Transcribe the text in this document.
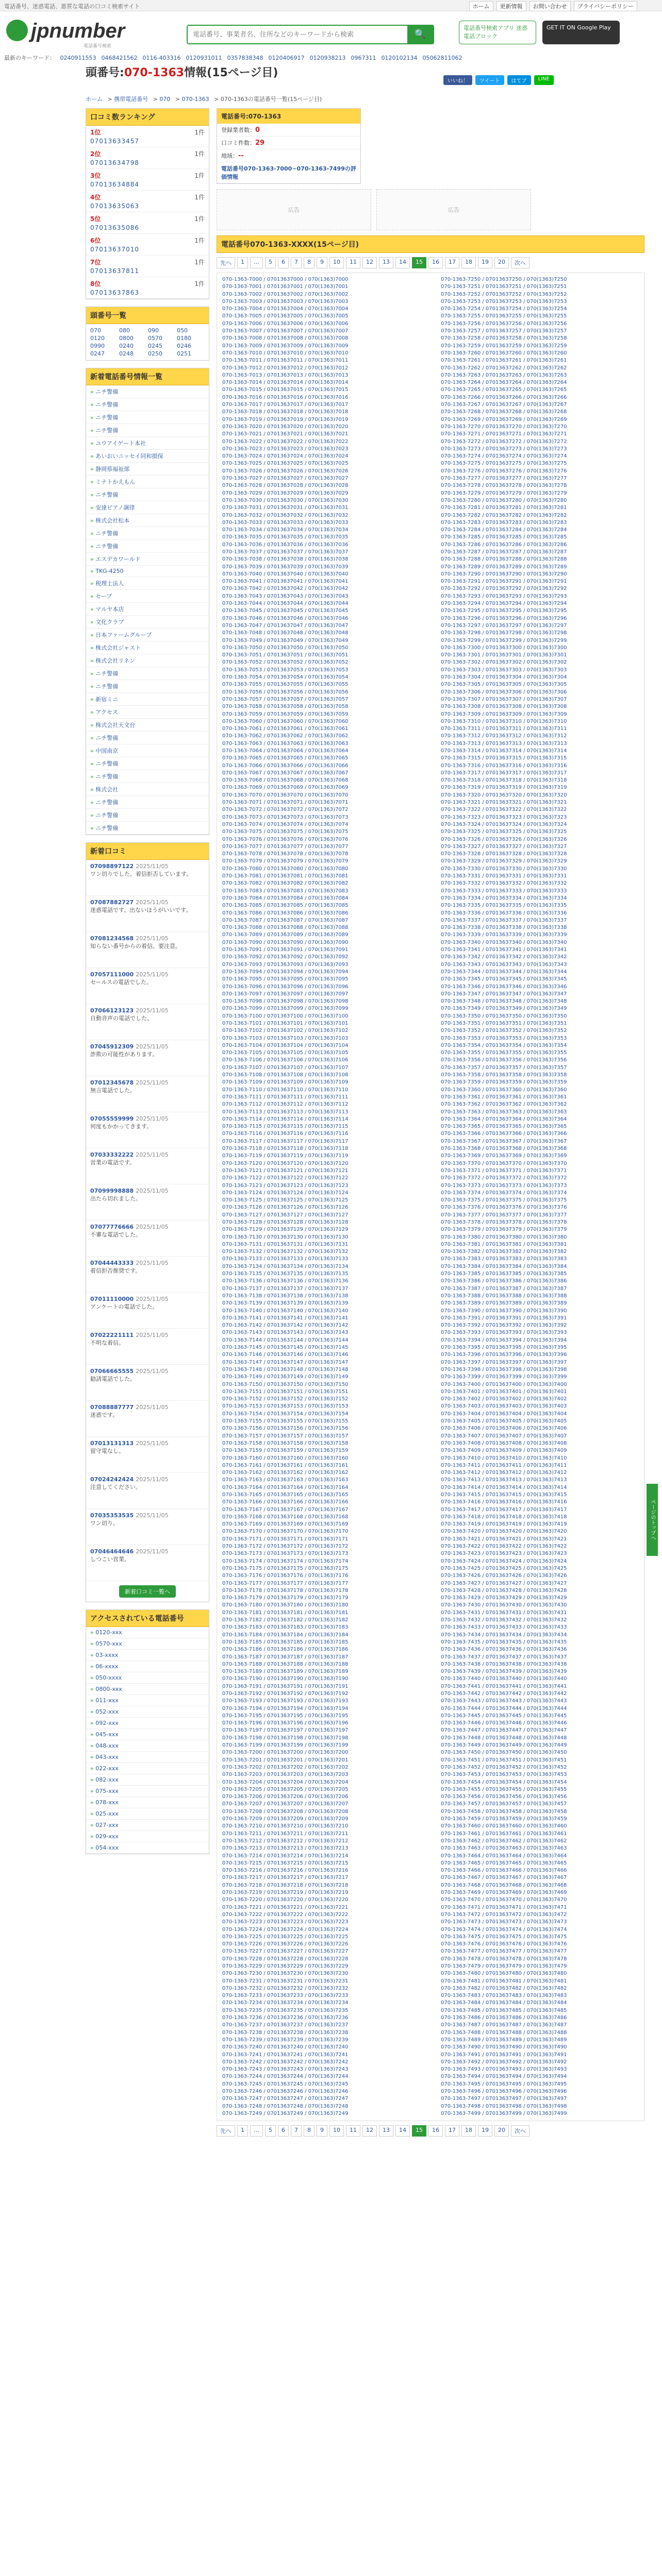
電話番号、迷惑電話、悪質な電話の口コミ検索サイト	ホーム	更新情報	お問い合わせ	プライバシーポリシー
jpnumber
電話番号検索
電話番号、事業者名、住所などのキーワードから検索
🔍
電話番号検索アプリ 迷惑電話ブロック
GET IT ON Google Play
最新のキーワード： 0240911553 0468421562 0116-403316 0120931011 0357838348 0120406917 0120938213 0967311 0120102134 05062811062
頭番号:070-1363情報(15ページ目)
いいね！	ツイート	はてブ	LINE
ホーム > 携帯電話番号 > 070 > 070-1363 > 070-1363の電話番号一覧(15ページ目)
口コミ数ランキング
1位	1件
07013633457
2位	1件
07013634798
3位	1件
07013634884
4位	1件
07013635063
5位	1件
07013635086
6位	1件
07013637010
7位	1件
07013637811
8位	1件
07013637863
頭番号一覧
070	080	090	050
0120	0800	0570	0180
0990	0240	0245	0246
0247	0248	0250	0251
新着電話番号情報一覧
» ニチ警備
» ニチ警備
» ニチ警備
» ニチ警備
» ユウアイゲート本社
» あいおいニッセイ同和損保
» 静岡県福祉部
» ミナトかえもん
» ニチ警備
» 安達ピアノ調律
» 株式会社松本
» ニチ警備
» ニチ警備
» エスデカワールド
» TKG-4250
» 税理士法人
» セーブ
» マルヤ本店
» 文化クラブ
» 日本ファームグループ
» 株式会社ジャスト
» 株式会社リネン
» ニチ警備
» ニチ警備
» 新宿ミニ
» アクセス
» 株式会社天文台
» ニチ警備
» 中国南京
» ニチ警備
» ニチ警備
» 株式会社
» ニチ警備
» ニチ警備
» ニチ警備
新着口コミ
07098897122 2025/11/05
ワン切りでした。着信拒否しています。
07087882727 2025/11/05
迷惑電話です。出ないほうがいいです。
07081234568 2025/11/05
知らない番号からの着信。要注意。
07057111000 2025/11/05
セールスの電話でした。
07066123123 2025/11/05
自動音声の電話でした。
07045912309 2025/11/05
詐欺の可能性があります。
07012345678 2025/11/05
無言電話でした。
07055559999 2025/11/05
何度もかかってきます。
07033332222 2025/11/05
営業の電話です。
07099998888 2025/11/05
出たら切れました。
07077776666 2025/11/05
不審な電話でした。
07044443333 2025/11/05
着信拒否推奨です。
07011110000 2025/11/05
アンケートの電話でした。
07022221111 2025/11/05
不明な着信。
07066665555 2025/11/05
勧誘電話でした。
07088887777 2025/11/05
迷惑です。
07013131313 2025/11/05
留守電なし。
07024242424 2025/11/05
注意してください。
07035353535 2025/11/05
ワン切り。
07046464646 2025/11/05
しつこい営業。
新着口コミ一覧へ
アクセスされている電話番号
» 0120-xxx
» 0570-xxx
» 03-xxxx
» 06-xxxx
» 050-xxxx
» 0800-xxx
» 011-xxx
» 052-xxx
» 092-xxx
» 045-xxx
» 048-xxx
» 043-xxx
» 022-xxx
» 082-xxx
» 075-xxx
» 078-xxx
» 025-xxx
» 027-xxx
» 029-xxx
» 054-xxx
電話番号:070-1363
登録業者数：0
口コミ件数：29
地域：--
電話番号070-1363-7000~070-1363-7499の評価情報
広告	広告
電話番号070-1363-XXXX(15ページ目)
先へ	1	…	5	6	7	8	9	10	11	12	13	14	15	16	17	18	19	20	次へ
070-1363-7000 / 07013637000 / 070(1363)7000	070-1363-7250 / 07013637250 / 070(1363)7250
070-1363-7001 / 07013637001 / 070(1363)7001	070-1363-7251 / 07013637251 / 070(1363)7251
070-1363-7002 / 07013637002 / 070(1363)7002	070-1363-7252 / 07013637252 / 070(1363)7252
070-1363-7003 / 07013637003 / 070(1363)7003	070-1363-7253 / 07013637253 / 070(1363)7253
070-1363-7004 / 07013637004 / 070(1363)7004	070-1363-7254 / 07013637254 / 070(1363)7254
070-1363-7005 / 07013637005 / 070(1363)7005	070-1363-7255 / 07013637255 / 070(1363)7255
070-1363-7006 / 07013637006 / 070(1363)7006	070-1363-7256 / 07013637256 / 070(1363)7256
070-1363-7007 / 07013637007 / 070(1363)7007	070-1363-7257 / 07013637257 / 070(1363)7257
070-1363-7008 / 07013637008 / 070(1363)7008	070-1363-7258 / 07013637258 / 070(1363)7258
070-1363-7009 / 07013637009 / 070(1363)7009	070-1363-7259 / 07013637259 / 070(1363)7259
070-1363-7010 / 07013637010 / 070(1363)7010	070-1363-7260 / 07013637260 / 070(1363)7260
070-1363-7011 / 07013637011 / 070(1363)7011	070-1363-7261 / 07013637261 / 070(1363)7261
070-1363-7012 / 07013637012 / 070(1363)7012	070-1363-7262 / 07013637262 / 070(1363)7262
070-1363-7013 / 07013637013 / 070(1363)7013	070-1363-7263 / 07013637263 / 070(1363)7263
070-1363-7014 / 07013637014 / 070(1363)7014	070-1363-7264 / 07013637264 / 070(1363)7264
070-1363-7015 / 07013637015 / 070(1363)7015	070-1363-7265 / 07013637265 / 070(1363)7265
070-1363-7016 / 07013637016 / 070(1363)7016	070-1363-7266 / 07013637266 / 070(1363)7266
070-1363-7017 / 07013637017 / 070(1363)7017	070-1363-7267 / 07013637267 / 070(1363)7267
070-1363-7018 / 07013637018 / 070(1363)7018	070-1363-7268 / 07013637268 / 070(1363)7268
070-1363-7019 / 07013637019 / 070(1363)7019	070-1363-7269 / 07013637269 / 070(1363)7269
070-1363-7020 / 07013637020 / 070(1363)7020	070-1363-7270 / 07013637270 / 070(1363)7270
070-1363-7021 / 07013637021 / 070(1363)7021	070-1363-7271 / 07013637271 / 070(1363)7271
070-1363-7022 / 07013637022 / 070(1363)7022	070-1363-7272 / 07013637272 / 070(1363)7272
070-1363-7023 / 07013637023 / 070(1363)7023	070-1363-7273 / 07013637273 / 070(1363)7273
070-1363-7024 / 07013637024 / 070(1363)7024	070-1363-7274 / 07013637274 / 070(1363)7274
070-1363-7025 / 07013637025 / 070(1363)7025	070-1363-7275 / 07013637275 / 070(1363)7275
070-1363-7026 / 07013637026 / 070(1363)7026	070-1363-7276 / 07013637276 / 070(1363)7276
070-1363-7027 / 07013637027 / 070(1363)7027	070-1363-7277 / 07013637277 / 070(1363)7277
070-1363-7028 / 07013637028 / 070(1363)7028	070-1363-7278 / 07013637278 / 070(1363)7278
070-1363-7029 / 07013637029 / 070(1363)7029	070-1363-7279 / 07013637279 / 070(1363)7279
070-1363-7030 / 07013637030 / 070(1363)7030	070-1363-7280 / 07013637280 / 070(1363)7280
070-1363-7031 / 07013637031 / 070(1363)7031	070-1363-7281 / 07013637281 / 070(1363)7281
070-1363-7032 / 07013637032 / 070(1363)7032	070-1363-7282 / 07013637282 / 070(1363)7282
070-1363-7033 / 07013637033 / 070(1363)7033	070-1363-7283 / 07013637283 / 070(1363)7283
070-1363-7034 / 07013637034 / 070(1363)7034	070-1363-7284 / 07013637284 / 070(1363)7284
070-1363-7035 / 07013637035 / 070(1363)7035	070-1363-7285 / 07013637285 / 070(1363)7285
070-1363-7036 / 07013637036 / 070(1363)7036	070-1363-7286 / 07013637286 / 070(1363)7286
070-1363-7037 / 07013637037 / 070(1363)7037	070-1363-7287 / 07013637287 / 070(1363)7287
070-1363-7038 / 07013637038 / 070(1363)7038	070-1363-7288 / 07013637288 / 070(1363)7288
070-1363-7039 / 07013637039 / 070(1363)7039	070-1363-7289 / 07013637289 / 070(1363)7289
070-1363-7040 / 07013637040 / 070(1363)7040	070-1363-7290 / 07013637290 / 070(1363)7290
070-1363-7041 / 07013637041 / 070(1363)7041	070-1363-7291 / 07013637291 / 070(1363)7291
070-1363-7042 / 07013637042 / 070(1363)7042	070-1363-7292 / 07013637292 / 070(1363)7292
070-1363-7043 / 07013637043 / 070(1363)7043	070-1363-7293 / 07013637293 / 070(1363)7293
070-1363-7044 / 07013637044 / 070(1363)7044	070-1363-7294 / 07013637294 / 070(1363)7294
070-1363-7045 / 07013637045 / 070(1363)7045	070-1363-7295 / 07013637295 / 070(1363)7295
070-1363-7046 / 07013637046 / 070(1363)7046	070-1363-7296 / 07013637296 / 070(1363)7296
070-1363-7047 / 07013637047 / 070(1363)7047	070-1363-7297 / 07013637297 / 070(1363)7297
070-1363-7048 / 07013637048 / 070(1363)7048	070-1363-7298 / 07013637298 / 070(1363)7298
070-1363-7049 / 07013637049 / 070(1363)7049	070-1363-7299 / 07013637299 / 070(1363)7299
070-1363-7050 / 07013637050 / 070(1363)7050	070-1363-7300 / 07013637300 / 070(1363)7300
070-1363-7051 / 07013637051 / 070(1363)7051	070-1363-7301 / 07013637301 / 070(1363)7301
070-1363-7052 / 07013637052 / 070(1363)7052	070-1363-7302 / 07013637302 / 070(1363)7302
070-1363-7053 / 07013637053 / 070(1363)7053	070-1363-7303 / 07013637303 / 070(1363)7303
070-1363-7054 / 07013637054 / 070(1363)7054	070-1363-7304 / 07013637304 / 070(1363)7304
070-1363-7055 / 07013637055 / 070(1363)7055	070-1363-7305 / 07013637305 / 070(1363)7305
070-1363-7056 / 07013637056 / 070(1363)7056	070-1363-7306 / 07013637306 / 070(1363)7306
070-1363-7057 / 07013637057 / 070(1363)7057	070-1363-7307 / 07013637307 / 070(1363)7307
070-1363-7058 / 07013637058 / 070(1363)7058	070-1363-7308 / 07013637308 / 070(1363)7308
070-1363-7059 / 07013637059 / 070(1363)7059	070-1363-7309 / 07013637309 / 070(1363)7309
070-1363-7060 / 07013637060 / 070(1363)7060	070-1363-7310 / 07013637310 / 070(1363)7310
070-1363-7061 / 07013637061 / 070(1363)7061	070-1363-7311 / 07013637311 / 070(1363)7311
070-1363-7062 / 07013637062 / 070(1363)7062	070-1363-7312 / 07013637312 / 070(1363)7312
070-1363-7063 / 07013637063 / 070(1363)7063	070-1363-7313 / 07013637313 / 070(1363)7313
070-1363-7064 / 07013637064 / 070(1363)7064	070-1363-7314 / 07013637314 / 070(1363)7314
070-1363-7065 / 07013637065 / 070(1363)7065	070-1363-7315 / 07013637315 / 070(1363)7315
070-1363-7066 / 07013637066 / 070(1363)7066	070-1363-7316 / 07013637316 / 070(1363)7316
070-1363-7067 / 07013637067 / 070(1363)7067	070-1363-7317 / 07013637317 / 070(1363)7317
070-1363-7068 / 07013637068 / 070(1363)7068	070-1363-7318 / 07013637318 / 070(1363)7318
070-1363-7069 / 07013637069 / 070(1363)7069	070-1363-7319 / 07013637319 / 070(1363)7319
070-1363-7070 / 07013637070 / 070(1363)7070	070-1363-7320 / 07013637320 / 070(1363)7320
070-1363-7071 / 07013637071 / 070(1363)7071	070-1363-7321 / 07013637321 / 070(1363)7321
070-1363-7072 / 07013637072 / 070(1363)7072	070-1363-7322 / 07013637322 / 070(1363)7322
070-1363-7073 / 07013637073 / 070(1363)7073	070-1363-7323 / 07013637323 / 070(1363)7323
070-1363-7074 / 07013637074 / 070(1363)7074	070-1363-7324 / 07013637324 / 070(1363)7324
070-1363-7075 / 07013637075 / 070(1363)7075	070-1363-7325 / 07013637325 / 070(1363)7325
070-1363-7076 / 07013637076 / 070(1363)7076	070-1363-7326 / 07013637326 / 070(1363)7326
070-1363-7077 / 07013637077 / 070(1363)7077	070-1363-7327 / 07013637327 / 070(1363)7327
070-1363-7078 / 07013637078 / 070(1363)7078	070-1363-7328 / 07013637328 / 070(1363)7328
070-1363-7079 / 07013637079 / 070(1363)7079	070-1363-7329 / 07013637329 / 070(1363)7329
070-1363-7080 / 07013637080 / 070(1363)7080	070-1363-7330 / 07013637330 / 070(1363)7330
070-1363-7081 / 07013637081 / 070(1363)7081	070-1363-7331 / 07013637331 / 070(1363)7331
070-1363-7082 / 07013637082 / 070(1363)7082	070-1363-7332 / 07013637332 / 070(1363)7332
070-1363-7083 / 07013637083 / 070(1363)7083	070-1363-7333 / 07013637333 / 070(1363)7333
070-1363-7084 / 07013637084 / 070(1363)7084	070-1363-7334 / 07013637334 / 070(1363)7334
070-1363-7085 / 07013637085 / 070(1363)7085	070-1363-7335 / 07013637335 / 070(1363)7335
070-1363-7086 / 07013637086 / 070(1363)7086	070-1363-7336 / 07013637336 / 070(1363)7336
070-1363-7087 / 07013637087 / 070(1363)7087	070-1363-7337 / 07013637337 / 070(1363)7337
070-1363-7088 / 07013637088 / 070(1363)7088	070-1363-7338 / 07013637338 / 070(1363)7338
070-1363-7089 / 07013637089 / 070(1363)7089	070-1363-7339 / 07013637339 / 070(1363)7339
070-1363-7090 / 07013637090 / 070(1363)7090	070-1363-7340 / 07013637340 / 070(1363)7340
070-1363-7091 / 07013637091 / 070(1363)7091	070-1363-7341 / 07013637341 / 070(1363)7341
070-1363-7092 / 07013637092 / 070(1363)7092	070-1363-7342 / 07013637342 / 070(1363)7342
070-1363-7093 / 07013637093 / 070(1363)7093	070-1363-7343 / 07013637343 / 070(1363)7343
070-1363-7094 / 07013637094 / 070(1363)7094	070-1363-7344 / 07013637344 / 070(1363)7344
070-1363-7095 / 07013637095 / 070(1363)7095	070-1363-7345 / 07013637345 / 070(1363)7345
070-1363-7096 / 07013637096 / 070(1363)7096	070-1363-7346 / 07013637346 / 070(1363)7346
070-1363-7097 / 07013637097 / 070(1363)7097	070-1363-7347 / 07013637347 / 070(1363)7347
070-1363-7098 / 07013637098 / 070(1363)7098	070-1363-7348 / 07013637348 / 070(1363)7348
070-1363-7099 / 07013637099 / 070(1363)7099	070-1363-7349 / 07013637349 / 070(1363)7349
070-1363-7100 / 07013637100 / 070(1363)7100	070-1363-7350 / 07013637350 / 070(1363)7350
070-1363-7101 / 07013637101 / 070(1363)7101	070-1363-7351 / 07013637351 / 070(1363)7351
070-1363-7102 / 07013637102 / 070(1363)7102	070-1363-7352 / 07013637352 / 070(1363)7352
070-1363-7103 / 07013637103 / 070(1363)7103	070-1363-7353 / 07013637353 / 070(1363)7353
070-1363-7104 / 07013637104 / 070(1363)7104	070-1363-7354 / 07013637354 / 070(1363)7354
070-1363-7105 / 07013637105 / 070(1363)7105	070-1363-7355 / 07013637355 / 070(1363)7355
070-1363-7106 / 07013637106 / 070(1363)7106	070-1363-7356 / 07013637356 / 070(1363)7356
070-1363-7107 / 07013637107 / 070(1363)7107	070-1363-7357 / 07013637357 / 070(1363)7357
070-1363-7108 / 07013637108 / 070(1363)7108	070-1363-7358 / 07013637358 / 070(1363)7358
070-1363-7109 / 07013637109 / 070(1363)7109	070-1363-7359 / 07013637359 / 070(1363)7359
070-1363-7110 / 07013637110 / 070(1363)7110	070-1363-7360 / 07013637360 / 070(1363)7360
070-1363-7111 / 07013637111 / 070(1363)7111	070-1363-7361 / 07013637361 / 070(1363)7361
070-1363-7112 / 07013637112 / 070(1363)7112	070-1363-7362 / 07013637362 / 070(1363)7362
070-1363-7113 / 07013637113 / 070(1363)7113	070-1363-7363 / 07013637363 / 070(1363)7363
070-1363-7114 / 07013637114 / 070(1363)7114	070-1363-7364 / 07013637364 / 070(1363)7364
070-1363-7115 / 07013637115 / 070(1363)7115	070-1363-7365 / 07013637365 / 070(1363)7365
070-1363-7116 / 07013637116 / 070(1363)7116	070-1363-7366 / 07013637366 / 070(1363)7366
070-1363-7117 / 07013637117 / 070(1363)7117	070-1363-7367 / 07013637367 / 070(1363)7367
070-1363-7118 / 07013637118 / 070(1363)7118	070-1363-7368 / 07013637368 / 070(1363)7368
070-1363-7119 / 07013637119 / 070(1363)7119	070-1363-7369 / 07013637369 / 070(1363)7369
070-1363-7120 / 07013637120 / 070(1363)7120	070-1363-7370 / 07013637370 / 070(1363)7370
070-1363-7121 / 07013637121 / 070(1363)7121	070-1363-7371 / 07013637371 / 070(1363)7371
070-1363-7122 / 07013637122 / 070(1363)7122	070-1363-7372 / 07013637372 / 070(1363)7372
070-1363-7123 / 07013637123 / 070(1363)7123	070-1363-7373 / 07013637373 / 070(1363)7373
070-1363-7124 / 07013637124 / 070(1363)7124	070-1363-7374 / 07013637374 / 070(1363)7374
070-1363-7125 / 07013637125 / 070(1363)7125	070-1363-7375 / 07013637375 / 070(1363)7375
070-1363-7126 / 07013637126 / 070(1363)7126	070-1363-7376 / 07013637376 / 070(1363)7376
070-1363-7127 / 07013637127 / 070(1363)7127	070-1363-7377 / 07013637377 / 070(1363)7377
070-1363-7128 / 07013637128 / 070(1363)7128	070-1363-7378 / 07013637378 / 070(1363)7378
070-1363-7129 / 07013637129 / 070(1363)7129	070-1363-7379 / 07013637379 / 070(1363)7379
070-1363-7130 / 07013637130 / 070(1363)7130	070-1363-7380 / 07013637380 / 070(1363)7380
070-1363-7131 / 07013637131 / 070(1363)7131	070-1363-7381 / 07013637381 / 070(1363)7381
070-1363-7132 / 07013637132 / 070(1363)7132	070-1363-7382 / 07013637382 / 070(1363)7382
070-1363-7133 / 07013637133 / 070(1363)7133	070-1363-7383 / 07013637383 / 070(1363)7383
070-1363-7134 / 07013637134 / 070(1363)7134	070-1363-7384 / 07013637384 / 070(1363)7384
070-1363-7135 / 07013637135 / 070(1363)7135	070-1363-7385 / 07013637385 / 070(1363)7385
070-1363-7136 / 07013637136 / 070(1363)7136	070-1363-7386 / 07013637386 / 070(1363)7386
070-1363-7137 / 07013637137 / 070(1363)7137	070-1363-7387 / 07013637387 / 070(1363)7387
070-1363-7138 / 07013637138 / 070(1363)7138	070-1363-7388 / 07013637388 / 070(1363)7388
070-1363-7139 / 07013637139 / 070(1363)7139	070-1363-7389 / 07013637389 / 070(1363)7389
070-1363-7140 / 07013637140 / 070(1363)7140	070-1363-7390 / 07013637390 / 070(1363)7390
070-1363-7141 / 07013637141 / 070(1363)7141	070-1363-7391 / 07013637391 / 070(1363)7391
070-1363-7142 / 07013637142 / 070(1363)7142	070-1363-7392 / 07013637392 / 070(1363)7392
070-1363-7143 / 07013637143 / 070(1363)7143	070-1363-7393 / 07013637393 / 070(1363)7393
070-1363-7144 / 07013637144 / 070(1363)7144	070-1363-7394 / 07013637394 / 070(1363)7394
070-1363-7145 / 07013637145 / 070(1363)7145	070-1363-7395 / 07013637395 / 070(1363)7395
070-1363-7146 / 07013637146 / 070(1363)7146	070-1363-7396 / 07013637396 / 070(1363)7396
070-1363-7147 / 07013637147 / 070(1363)7147	070-1363-7397 / 07013637397 / 070(1363)7397
070-1363-7148 / 07013637148 / 070(1363)7148	070-1363-7398 / 07013637398 / 070(1363)7398
070-1363-7149 / 07013637149 / 070(1363)7149	070-1363-7399 / 07013637399 / 070(1363)7399
070-1363-7150 / 07013637150 / 070(1363)7150	070-1363-7400 / 07013637400 / 070(1363)7400
070-1363-7151 / 07013637151 / 070(1363)7151	070-1363-7401 / 07013637401 / 070(1363)7401
070-1363-7152 / 07013637152 / 070(1363)7152	070-1363-7402 / 07013637402 / 070(1363)7402
070-1363-7153 / 07013637153 / 070(1363)7153	070-1363-7403 / 07013637403 / 070(1363)7403
070-1363-7154 / 07013637154 / 070(1363)7154	070-1363-7404 / 07013637404 / 070(1363)7404
070-1363-7155 / 07013637155 / 070(1363)7155	070-1363-7405 / 07013637405 / 070(1363)7405
070-1363-7156 / 07013637156 / 070(1363)7156	070-1363-7406 / 07013637406 / 070(1363)7406
070-1363-7157 / 07013637157 / 070(1363)7157	070-1363-7407 / 07013637407 / 070(1363)7407
070-1363-7158 / 07013637158 / 070(1363)7158	070-1363-7408 / 07013637408 / 070(1363)7408
070-1363-7159 / 07013637159 / 070(1363)7159	070-1363-7409 / 07013637409 / 070(1363)7409
070-1363-7160 / 07013637160 / 070(1363)7160	070-1363-7410 / 07013637410 / 070(1363)7410
070-1363-7161 / 07013637161 / 070(1363)7161	070-1363-7411 / 07013637411 / 070(1363)7411
070-1363-7162 / 07013637162 / 070(1363)7162	070-1363-7412 / 07013637412 / 070(1363)7412
070-1363-7163 / 07013637163 / 070(1363)7163	070-1363-7413 / 07013637413 / 070(1363)7413
070-1363-7164 / 07013637164 / 070(1363)7164	070-1363-7414 / 07013637414 / 070(1363)7414
070-1363-7165 / 07013637165 / 070(1363)7165	070-1363-7415 / 07013637415 / 070(1363)7415
070-1363-7166 / 07013637166 / 070(1363)7166	070-1363-7416 / 07013637416 / 070(1363)7416
070-1363-7167 / 07013637167 / 070(1363)7167	070-1363-7417 / 07013637417 / 070(1363)7417
070-1363-7168 / 07013637168 / 070(1363)7168	070-1363-7418 / 07013637418 / 070(1363)7418
070-1363-7169 / 07013637169 / 070(1363)7169	070-1363-7419 / 07013637419 / 070(1363)7419
070-1363-7170 / 07013637170 / 070(1363)7170	070-1363-7420 / 07013637420 / 070(1363)7420
070-1363-7171 / 07013637171 / 070(1363)7171	070-1363-7421 / 07013637421 / 070(1363)7421
070-1363-7172 / 07013637172 / 070(1363)7172	070-1363-7422 / 07013637422 / 070(1363)7422
070-1363-7173 / 07013637173 / 070(1363)7173	070-1363-7423 / 07013637423 / 070(1363)7423
070-1363-7174 / 07013637174 / 070(1363)7174	070-1363-7424 / 07013637424 / 070(1363)7424
070-1363-7175 / 07013637175 / 070(1363)7175	070-1363-7425 / 07013637425 / 070(1363)7425
070-1363-7176 / 07013637176 / 070(1363)7176	070-1363-7426 / 07013637426 / 070(1363)7426
070-1363-7177 / 07013637177 / 070(1363)7177	070-1363-7427 / 07013637427 / 070(1363)7427
070-1363-7178 / 07013637178 / 070(1363)7178	070-1363-7428 / 07013637428 / 070(1363)7428
070-1363-7179 / 07013637179 / 070(1363)7179	070-1363-7429 / 07013637429 / 070(1363)7429
070-1363-7180 / 07013637180 / 070(1363)7180	070-1363-7430 / 07013637430 / 070(1363)7430
070-1363-7181 / 07013637181 / 070(1363)7181	070-1363-7431 / 07013637431 / 070(1363)7431
070-1363-7182 / 07013637182 / 070(1363)7182	070-1363-7432 / 07013637432 / 070(1363)7432
070-1363-7183 / 07013637183 / 070(1363)7183	070-1363-7433 / 07013637433 / 070(1363)7433
070-1363-7184 / 07013637184 / 070(1363)7184	070-1363-7434 / 07013637434 / 070(1363)7434
070-1363-7185 / 07013637185 / 070(1363)7185	070-1363-7435 / 07013637435 / 070(1363)7435
070-1363-7186 / 07013637186 / 070(1363)7186	070-1363-7436 / 07013637436 / 070(1363)7436
070-1363-7187 / 07013637187 / 070(1363)7187	070-1363-7437 / 07013637437 / 070(1363)7437
070-1363-7188 / 07013637188 / 070(1363)7188	070-1363-7438 / 07013637438 / 070(1363)7438
070-1363-7189 / 07013637189 / 070(1363)7189	070-1363-7439 / 07013637439 / 070(1363)7439
070-1363-7190 / 07013637190 / 070(1363)7190	070-1363-7440 / 07013637440 / 070(1363)7440
070-1363-7191 / 07013637191 / 070(1363)7191	070-1363-7441 / 07013637441 / 070(1363)7441
070-1363-7192 / 07013637192 / 070(1363)7192	070-1363-7442 / 07013637442 / 070(1363)7442
070-1363-7193 / 07013637193 / 070(1363)7193	070-1363-7443 / 07013637443 / 070(1363)7443
070-1363-7194 / 07013637194 / 070(1363)7194	070-1363-7444 / 07013637444 / 070(1363)7444
070-1363-7195 / 07013637195 / 070(1363)7195	070-1363-7445 / 07013637445 / 070(1363)7445
070-1363-7196 / 07013637196 / 070(1363)7196	070-1363-7446 / 07013637446 / 070(1363)7446
070-1363-7197 / 07013637197 / 070(1363)7197	070-1363-7447 / 07013637447 / 070(1363)7447
070-1363-7198 / 07013637198 / 070(1363)7198	070-1363-7448 / 07013637448 / 070(1363)7448
070-1363-7199 / 07013637199 / 070(1363)7199	070-1363-7449 / 07013637449 / 070(1363)7449
070-1363-7200 / 07013637200 / 070(1363)7200	070-1363-7450 / 07013637450 / 070(1363)7450
070-1363-7201 / 07013637201 / 070(1363)7201	070-1363-7451 / 07013637451 / 070(1363)7451
070-1363-7202 / 07013637202 / 070(1363)7202	070-1363-7452 / 07013637452 / 070(1363)7452
070-1363-7203 / 07013637203 / 070(1363)7203	070-1363-7453 / 07013637453 / 070(1363)7453
070-1363-7204 / 07013637204 / 070(1363)7204	070-1363-7454 / 07013637454 / 070(1363)7454
070-1363-7205 / 07013637205 / 070(1363)7205	070-1363-7455 / 07013637455 / 070(1363)7455
070-1363-7206 / 07013637206 / 070(1363)7206	070-1363-7456 / 07013637456 / 070(1363)7456
070-1363-7207 / 07013637207 / 070(1363)7207	070-1363-7457 / 07013637457 / 070(1363)7457
070-1363-7208 / 07013637208 / 070(1363)7208	070-1363-7458 / 07013637458 / 070(1363)7458
070-1363-7209 / 07013637209 / 070(1363)7209	070-1363-7459 / 07013637459 / 070(1363)7459
070-1363-7210 / 07013637210 / 070(1363)7210	070-1363-7460 / 07013637460 / 070(1363)7460
070-1363-7211 / 07013637211 / 070(1363)7211	070-1363-7461 / 07013637461 / 070(1363)7461
070-1363-7212 / 07013637212 / 070(1363)7212	070-1363-7462 / 07013637462 / 070(1363)7462
070-1363-7213 / 07013637213 / 070(1363)7213	070-1363-7463 / 07013637463 / 070(1363)7463
070-1363-7214 / 07013637214 / 070(1363)7214	070-1363-7464 / 07013637464 / 070(1363)7464
070-1363-7215 / 07013637215 / 070(1363)7215	070-1363-7465 / 07013637465 / 070(1363)7465
070-1363-7216 / 07013637216 / 070(1363)7216	070-1363-7466 / 07013637466 / 070(1363)7466
070-1363-7217 / 07013637217 / 070(1363)7217	070-1363-7467 / 07013637467 / 070(1363)7467
070-1363-7218 / 07013637218 / 070(1363)7218	070-1363-7468 / 07013637468 / 070(1363)7468
070-1363-7219 / 07013637219 / 070(1363)7219	070-1363-7469 / 07013637469 / 070(1363)7469
070-1363-7220 / 07013637220 / 070(1363)7220	070-1363-7470 / 07013637470 / 070(1363)7470
070-1363-7221 / 07013637221 / 070(1363)7221	070-1363-7471 / 07013637471 / 070(1363)7471
070-1363-7222 / 07013637222 / 070(1363)7222	070-1363-7472 / 07013637472 / 070(1363)7472
070-1363-7223 / 07013637223 / 070(1363)7223	070-1363-7473 / 07013637473 / 070(1363)7473
070-1363-7224 / 07013637224 / 070(1363)7224	070-1363-7474 / 07013637474 / 070(1363)7474
070-1363-7225 / 07013637225 / 070(1363)7225	070-1363-7475 / 07013637475 / 070(1363)7475
070-1363-7226 / 07013637226 / 070(1363)7226	070-1363-7476 / 07013637476 / 070(1363)7476
070-1363-7227 / 07013637227 / 070(1363)7227	070-1363-7477 / 07013637477 / 070(1363)7477
070-1363-7228 / 07013637228 / 070(1363)7228	070-1363-7478 / 07013637478 / 070(1363)7478
070-1363-7229 / 07013637229 / 070(1363)7229	070-1363-7479 / 07013637479 / 070(1363)7479
070-1363-7230 / 07013637230 / 070(1363)7230	070-1363-7480 / 07013637480 / 070(1363)7480
070-1363-7231 / 07013637231 / 070(1363)7231	070-1363-7481 / 07013637481 / 070(1363)7481
070-1363-7232 / 07013637232 / 070(1363)7232	070-1363-7482 / 07013637482 / 070(1363)7482
070-1363-7233 / 07013637233 / 070(1363)7233	070-1363-7483 / 07013637483 / 070(1363)7483
070-1363-7234 / 07013637234 / 070(1363)7234	070-1363-7484 / 07013637484 / 070(1363)7484
070-1363-7235 / 07013637235 / 070(1363)7235	070-1363-7485 / 07013637485 / 070(1363)7485
070-1363-7236 / 07013637236 / 070(1363)7236	070-1363-7486 / 07013637486 / 070(1363)7486
070-1363-7237 / 07013637237 / 070(1363)7237	070-1363-7487 / 07013637487 / 070(1363)7487
070-1363-7238 / 07013637238 / 070(1363)7238	070-1363-7488 / 07013637488 / 070(1363)7488
070-1363-7239 / 07013637239 / 070(1363)7239	070-1363-7489 / 07013637489 / 070(1363)7489
070-1363-7240 / 07013637240 / 070(1363)7240	070-1363-7490 / 07013637490 / 070(1363)7490
070-1363-7241 / 07013637241 / 070(1363)7241	070-1363-7491 / 07013637491 / 070(1363)7491
070-1363-7242 / 07013637242 / 070(1363)7242	070-1363-7492 / 07013637492 / 070(1363)7492
070-1363-7243 / 07013637243 / 070(1363)7243	070-1363-7493 / 07013637493 / 070(1363)7493
070-1363-7244 / 07013637244 / 070(1363)7244	070-1363-7494 / 07013637494 / 070(1363)7494
070-1363-7245 / 07013637245 / 070(1363)7245	070-1363-7495 / 07013637495 / 070(1363)7495
070-1363-7246 / 07013637246 / 070(1363)7246	070-1363-7496 / 07013637496 / 070(1363)7496
070-1363-7247 / 07013637247 / 070(1363)7247	070-1363-7497 / 07013637497 / 070(1363)7497
070-1363-7248 / 07013637248 / 070(1363)7248	070-1363-7498 / 07013637498 / 070(1363)7498
070-1363-7249 / 07013637249 / 070(1363)7249	070-1363-7499 / 07013637499 / 070(1363)7499
先へ	1	…	5	6	7	8	9	10	11	12	13	14	15	16	17	18	19	20	次へ
ページのトップへ
